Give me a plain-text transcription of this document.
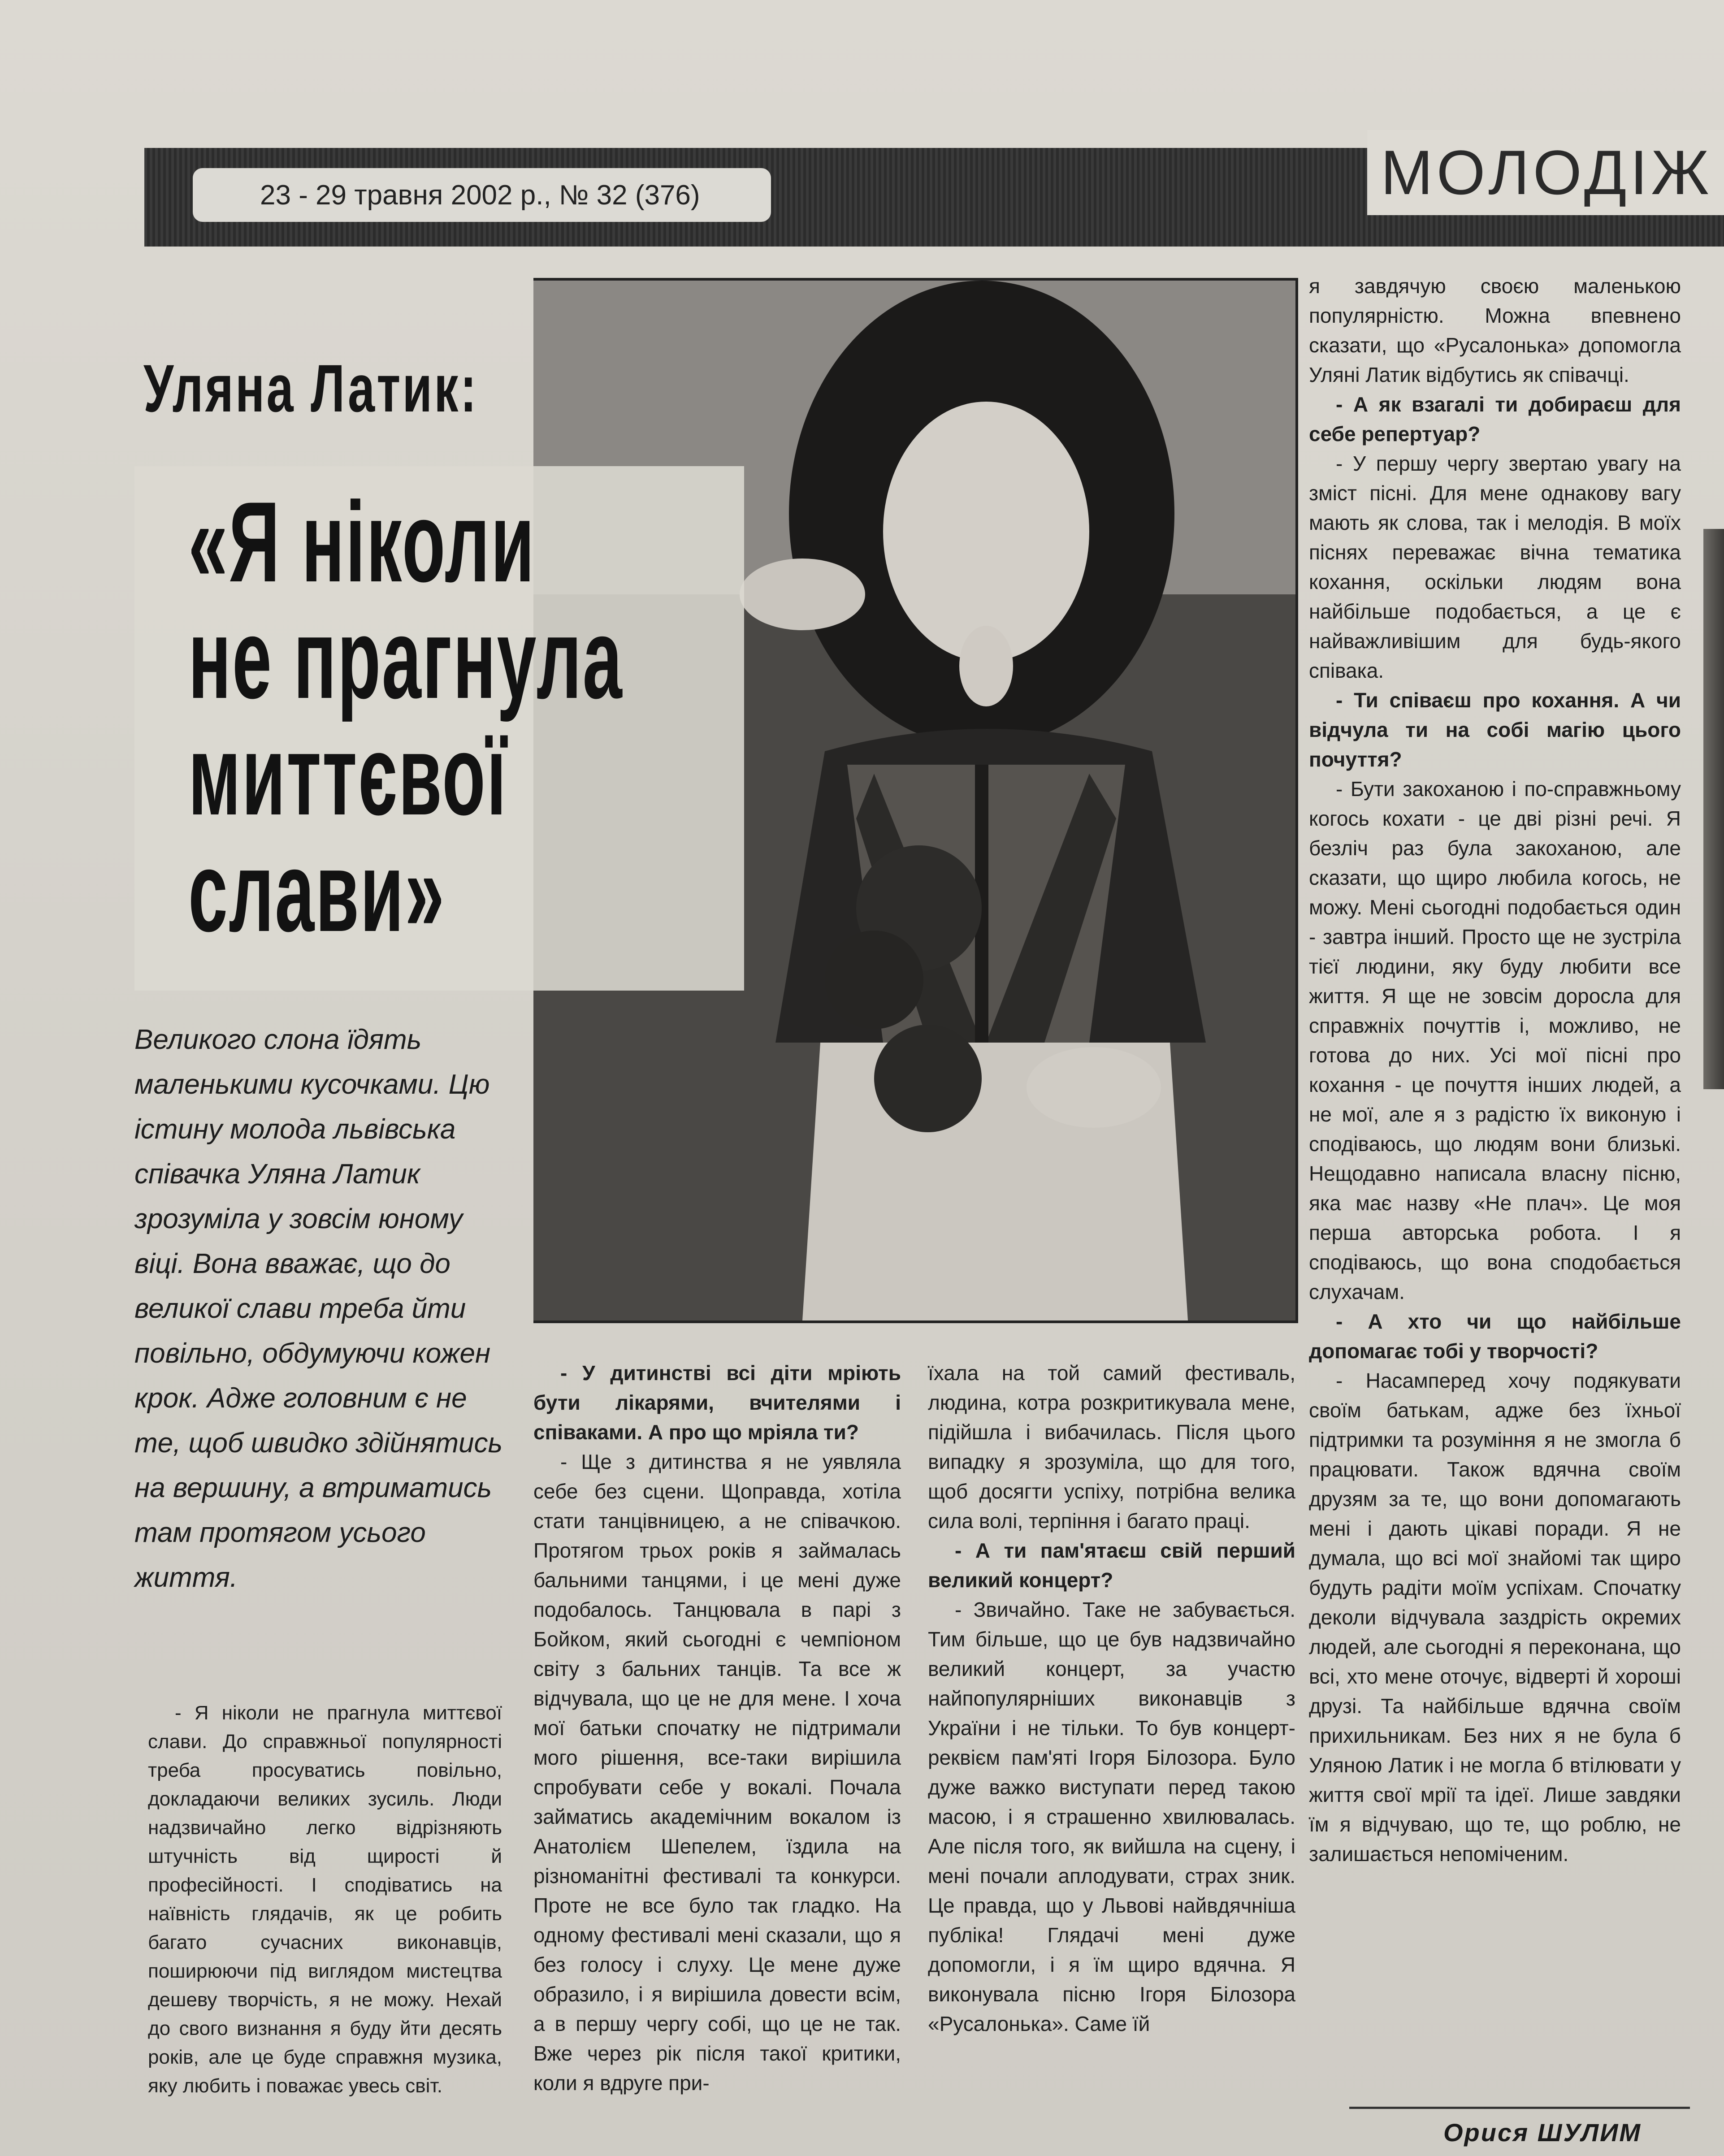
23 - 29 травня 2002 р., № 32 (376)	МОЛОДІЖ
Уляна Латик:
«Я ніколи
не прагнула
миттєвої
слави»

Великого слона їдять маленькими кусочками. Цю істину молода львівська співачка Уляна Латик зрозуміла у зовсім юному віці. Вона вважає, що до великої слави треба йти повільно, обдумуючи кожен крок. Адже головним є не те, щоб швидко здійнятись на вершину, а втриматись там протягом усього життя.

- Я ніколи не прагнула миттєвої слави. До справжньої популярності треба просуватись повільно, докладаючи великих зусиль. Люди надзвичайно легко відрізняють штучність від щирості й професійності. І сподіватись на наївність глядачів, як це робить багато сучасних виконавців, поширюючи під виглядом мистецтва дешеву творчість, я не можу. Нехай до свого визнання я буду йти десять років, але це буде справжня музика, яку любить і поважає увесь світ.

- У дитинстві всі діти мріють бути лікарями, вчителями і співаками. А про що мріяла ти?

- Ще з дитинства я не уявляла себе без сцени. Щоправда, хотіла стати танцівницею, а не співачкою. Протягом трьох років я займалась бальними танцями, і це мені дуже подобалось. Танцювала в парі з Бойком, який сьогодні є чемпіоном світу з бальних танців. Та все ж відчувала, що це не для мене. І хоча мої батьки спочатку не підтримали мого рішення, все-таки вирішила спробувати себе у вокалі. Почала займатись академічним вокалом із Анатолієм Шепелем, їздила на різноманітні фестивалі та конкурси. Проте не все було так гладко. На одному фестивалі мені сказали, що я без голосу і слуху. Це мене дуже образило, і я вирішила довести всім, а в першу чергу собі, що це не так. Вже через рік після такої критики, коли я вдруге при-

їхала на той самий фестиваль, людина, котра розкритикувала мене, підійшла і вибачилась. Після цього випадку я зрозуміла, що для того, щоб досягти успіху, потрібна велика сила волі, терпіння і багато праці.

- А ти пам'ятаєш свій перший великий концерт?

- Звичайно. Таке не забувається. Тим більше, що це був надзвичайно великий концерт, за участю найпопулярніших виконавців з України і не тільки. То був концерт-реквієм пам'яті Ігоря Білозора. Було дуже важко виступати перед такою масою, і я страшенно хвилювалась. Але після того, як вийшла на сцену, і мені почали аплодувати, страх зник. Це правда, що у Львові найвдячніша публіка! Глядачі мені дуже допомогли, і я їм щиро вдячна. Я виконувала пісню Ігоря Білозора «Русалонька». Саме їй

я завдячую своєю маленькою популярністю. Можна впевнено сказати, що «Русалонька» допомогла Уляні Латик відбутись як співачці.

- А як взагалі ти добираєш для себе репертуар?

- У першу чергу звертаю увагу на зміст пісні. Для мене однакову вагу мають як слова, так і мелодія. В моїх піснях переважає вічна тематика кохання, оскільки людям вона найбільше подобається, а це є найважливішим для будь-якого співака.

- Ти співаєш про кохання. А чи відчула ти на собі магію цього почуття?

- Бути закоханою і по-справжньому когось кохати - це дві різні речі. Я безліч раз була закоханою, але сказати, що щиро любила когось, не можу. Мені сьогодні подобається один - завтра інший. Просто ще не зустріла тієї людини, яку буду любити все життя. Я ще не зовсім доросла для справжніх почуттів і, можливо, не готова до них. Усі мої пісні про кохання - це почуття інших людей, а не мої, але я з радістю їх виконую і сподіваюсь, що людям вони близькі. Нещодавно написала власну пісню, яка має назву «Не плач». Це моя перша авторська робота. І я сподіваюсь, що вона сподобається слухачам.

- А хто чи що найбільше допомагає тобі у творчості?

- Насамперед хочу подякувати своїм батькам, адже без їхньої підтримки та розуміння я не змогла б працювати. Також вдячна своїм друзям за те, що вони допомагають мені і дають цікаві поради. Я не думала, що всі мої знайомі так щиро будуть радіти моїм успіхам. Спочатку деколи відчувала заздрість окремих людей, але сьогодні я переконана, що всі, хто мене оточує, відверті й хороші друзі. Та найбільше вдячна своїм прихильникам. Без них я не була б Уляною Латик і не могла б втілювати у життя свої мрії та ідеї. Лише завдяки їм я відчуваю, що те, що роблю, не залишається непоміченим.

Орися ШУЛИМ
